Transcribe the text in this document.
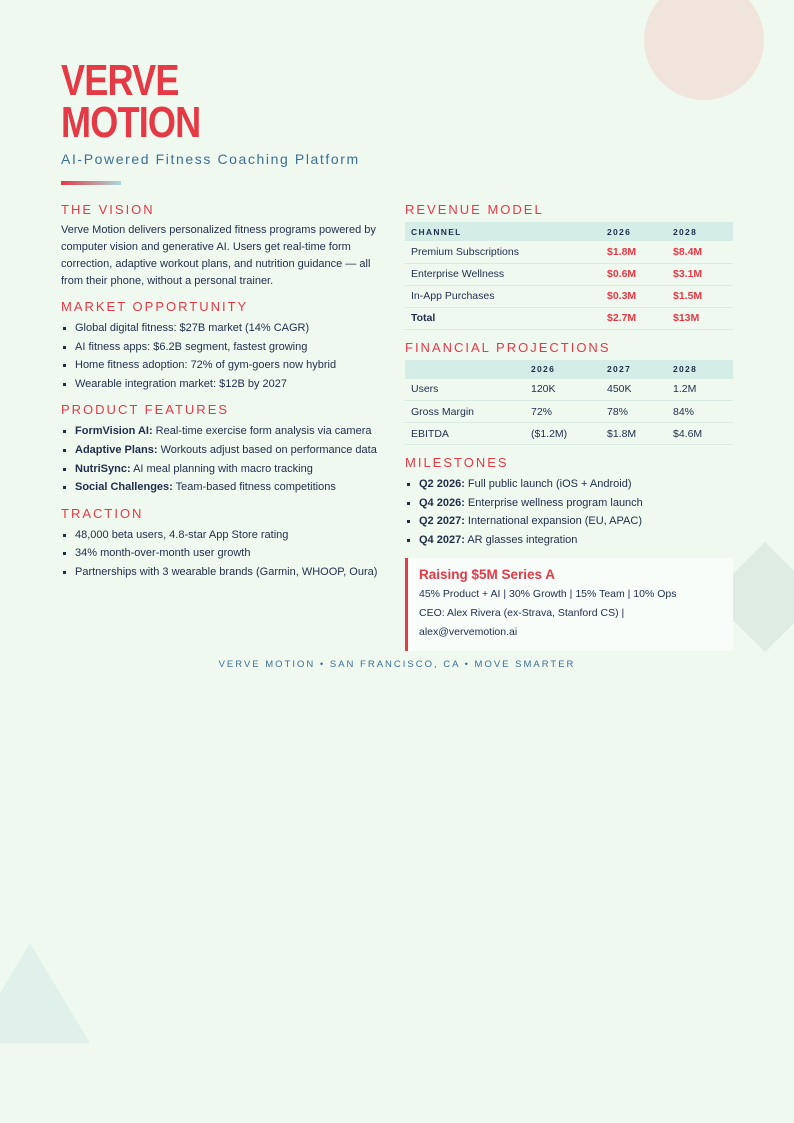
VERVE
MOTION
AI-Powered Fitness Coaching Platform
THE VISION

Verve Motion delivers personalized fitness programs powered by computer vision and generative AI. Users get real-time form correction, adaptive workout plans, and nutrition guidance — all from their phone, without a personal trainer.

MARKET OPPORTUNITY
Global digital fitness: $27B market (14% CAGR)
AI fitness apps: $6.2B segment, fastest growing
Home fitness adoption: 72% of gym-goers now hybrid
Wearable integration market: $12B by 2027
PRODUCT FEATURES
FormVision AI: Real-time exercise form analysis via camera
Adaptive Plans: Workouts adjust based on performance data
NutriSync: AI meal planning with macro tracking
Social Challenges: Team-based fitness competitions
TRACTION
48,000 beta users, 4.8-star App Store rating
34% month-over-month user growth
Partnerships with 3 wearable brands (Garmin, WHOOP, Oura)
REVENUE MODEL
CHANNEL	2026	2028
Premium Subscriptions	$1.8M	$8.4M
Enterprise Wellness	$0.6M	$3.1M
In-App Purchases	$0.3M	$1.5M
Total	$2.7M	$13M
FINANCIAL PROJECTIONS
	2026	2027	2028
Users	120K	450K	1.2M
Gross Margin	72%	78%	84%
EBITDA	($1.2M)	$1.8M	$4.6M
MILESTONES
Q2 2026: Full public launch (iOS + Android)
Q4 2026: Enterprise wellness program launch
Q2 2027: International expansion (EU, APAC)
Q4 2027: AR glasses integration
Raising $5M Series A
45% Product + AI | 30% Growth | 15% Team | 10% Ops
CEO: Alex Rivera (ex-Strava, Stanford CS) |
alex@vervemotion.ai
VERVE MOTION • SAN FRANCISCO, CA • MOVE SMARTER
